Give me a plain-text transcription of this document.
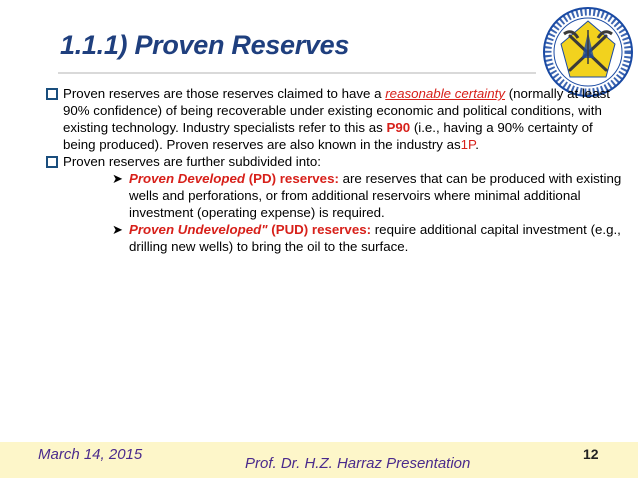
1.1.1) Proven Reserves
Proven reserves are those reserves claimed to have a reasonable certainty (normally at least 90% confidence) of being recoverable under existing economic and political conditions, with existing technology. Industry specialists refer to this as P90 (i.e., having a 90% certainty of being produced). Proven reserves are also known in the industry as1P.
Proven reserves are further subdivided into:
➤ Proven Developed (PD) reserves: are reserves that can be produced with existing wells and perforations, or from additional reservoirs where minimal additional investment (operating expense) is required.
➤ Proven Undeveloped" (PUD) reserves: require additional capital investment (e.g., drilling new wells) to bring the oil to the surface.
March 14, 2015
Prof. Dr. H.Z. Harraz Presentation
12
